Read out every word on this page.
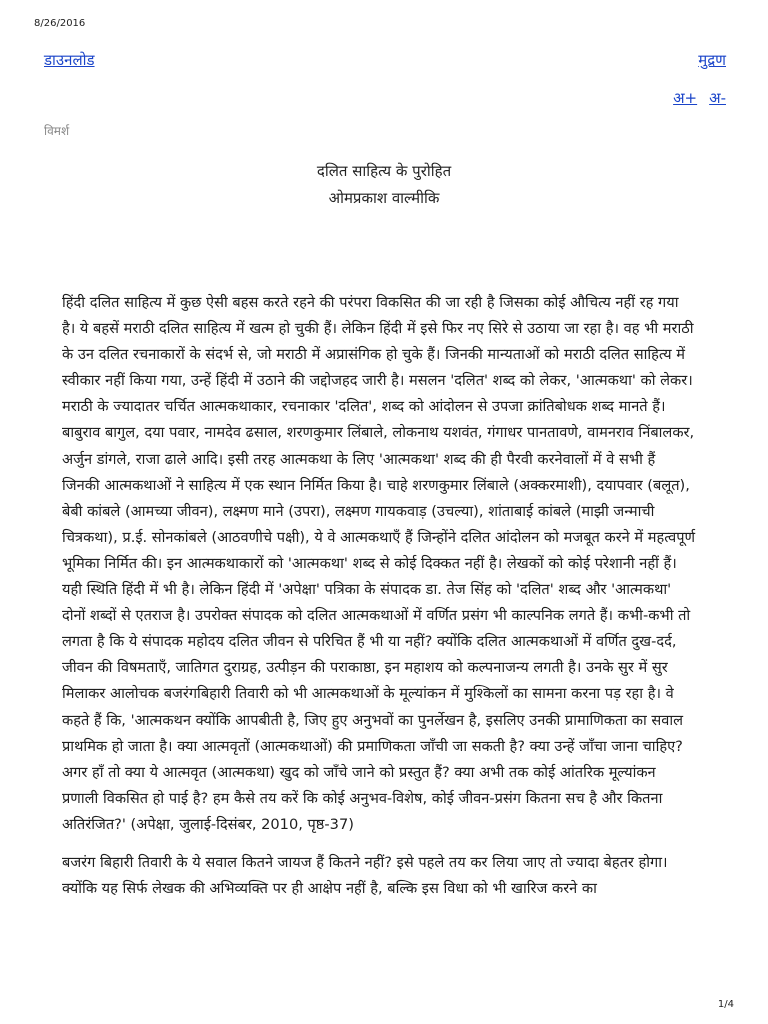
8/26/2016
डाउनलोड	मुद्रण
अ+ अ-
विमर्श
दलित साहित्य के पुरोहित
ओमप्रकाश वाल्मीकि

हिंदी दलित साहित्य में कुछ ऐसी बहस करते रहने की परंपरा विकसित की जा रही है जिसका कोई औचित्य नहीं रह गया है। ये बहसें मराठी दलित साहित्य में खत्म हो चुकी हैं। लेकिन हिंदी में इसे फिर नए सिरे से उठाया जा रहा है। वह भी मराठी के उन दलित रचनाकारों के संदर्भ से, जो मराठी में अप्रासंगिक हो चुके हैं। जिनकी मान्यताओं को मराठी दलित साहित्य में स्वीकार नहीं किया गया, उन्हें हिंदी में उठाने की जद्दोजहद जारी है। मसलन 'दलित' शब्द को लेकर, 'आत्मकथा' को लेकर। मराठी के ज्यादातर चर्चित आत्मकथाकार, रचनाकार 'दलित', शब्द को आंदोलन से उपजा क्रांतिबोधक शब्द मानते हैं। बाबुराव बागुल, दया पवार, नामदेव ढसाल, शरणकुमार लिंबाले, लोकनाथ यशवंत, गंगाधर पानतावणे, वामनराव निंबालकर, अर्जुन डांगले, राजा ढाले आदि। इसी तरह आत्मकथा के लिए 'आत्मकथा' शब्द की ही पैरवी करनेवालों में वे सभी हैं जिनकी आत्मकथाओं ने साहित्य में एक स्थान निर्मित किया है। चाहे शरणकुमार लिंबाले (अक्करमाशी), दयापवार (बलूत), बेबी कांबले (आमच्या जीवन), लक्ष्मण माने (उपरा), लक्ष्मण गायकवाड़ (उचल्या), शांताबाई कांबले (माझी जन्माची चित्रकथा), प्र.ई. सोनकांबले (आठवणीचे पक्षी), ये वे आत्मकथाएँ हैं जिन्होंने दलित आंदोलन को मजबूत करने में महत्वपूर्ण भूमिका निर्मित की। इन आत्मकथाकारों को 'आत्मकथा' शब्द से कोई दिक्कत नहीं है। लेखकों को कोई परेशानी नहीं हैं। यही स्थिति हिंदी में भी है। लेकिन हिंदी में 'अपेक्षा' पत्रिका के संपादक डा. तेज सिंह को 'दलित' शब्द और 'आत्मकथा' दोनों शब्दों से एतराज है। उपरोक्त संपादक को दलित आत्मकथाओं में वर्णित प्रसंग भी काल्पनिक लगते हैं। कभी-कभी तो लगता है कि ये संपादक महोदय दलित जीवन से परिचित हैं भी या नहीं? क्योंकि दलित आत्मकथाओं में वर्णित दुख-दर्द, जीवन की विषमताएँ, जातिगत दुराग्रह, उत्पीड़न की पराकाष्ठा, इन महाशय को कल्पनाजन्य लगती है। उनके सुर में सुर मिलाकर आलोचक बजरंगबिहारी तिवारी को भी आत्मकथाओं के मूल्यांकन में मुश्किलों का सामना करना पड़ रहा है। वे कहते हैं कि, 'आत्मकथन क्योंकि आपबीती है, जिए हुए अनुभवों का पुनर्लेखन है, इसलिए उनकी प्रामाणिकता का सवाल प्राथमिक हो जाता है। क्या आत्मवृतों (आत्मकथाओं) की प्रमाणिकता जाँची जा सकती है? क्या उन्हें जाँचा जाना चाहिए? अगर हाँ तो क्या ये आत्मवृत (आत्मकथा) खुद को जाँचे जाने को प्रस्तुत हैं? क्या अभी तक कोई आंतरिक मूल्यांकन प्रणाली विकसित हो पाई है? हम कैसे तय करें कि कोई अनुभव-विशेष, कोई जीवन-प्रसंग कितना सच है और कितना अतिरंजित?' (अपेक्षा, जुलाई-दिसंबर, 2010, पृष्ठ-37)

बजरंग बिहारी तिवारी के ये सवाल कितने जायज हैं कितने नहीं? इसे पहले तय कर लिया जाए तो ज्यादा बेहतर होगा। क्योंकि यह सिर्फ लेखक की अभिव्यक्ति पर ही आक्षेप नहीं है, बल्कि इस विधा को भी खारिज करने का

1/4
